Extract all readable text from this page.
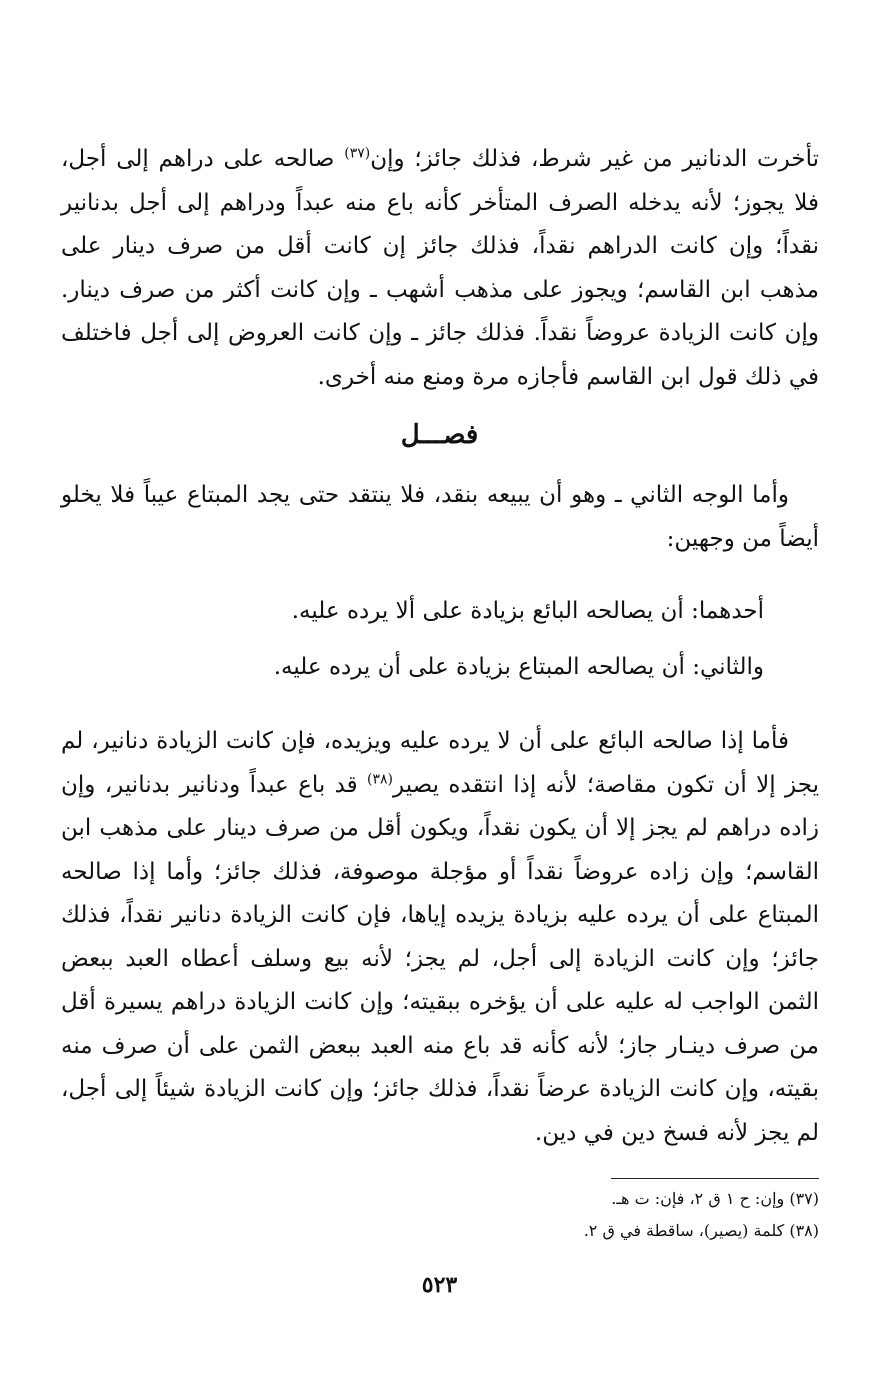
تأخرت الدنانير من غير شرط، فذلك جائز؛ وإن$^{(٣٧)}$ صالحه على دراهم إلى أجل، فلا يجوز؛ لأنه يدخله الصرف المتأخر كأنه باع منه عبداً ودراهم إلى أجل بدنانير نقداً؛ وإن كانت الدراهم نقداً، فذلك جائز إن كانت أقل من صرف دينار على مذهب ابن القاسم؛ ويجوز على مذهب أشهب ـ وإن كانت أكثر من صرف دينار. وإن كانت الزيادة عروضاً نقداً. فذلك جائز ـ وإن كانت العروض إلى أجل فاختلف في ذلك قول ابن القاسم فأجازه مرة ومنع منه أخرى.

فصـــل

وأما الوجه الثاني ـ وهو أن يبيعه بنقد، فلا ينتقد حتى يجد المبتاع عيباً فلا يخلو أيضاً من وجهين:

أحدهما: أن يصالحه البائع بزيادة على ألا يرده عليه.

والثاني: أن يصالحه المبتاع بزيادة على أن يرده عليه.

فأما إذا صالحه البائع على أن لا يرده عليه ويزيده، فإن كانت الزيادة دنانير، لم يجز إلا أن تكون مقاصة؛ لأنه إذا انتقده يصير$^{(٣٨)}$ قد باع عبداً ودنانير بدنانير، وإن زاده دراهم لم يجز إلا أن يكون نقداً، ويكون أقل من صرف دينار على مذهب ابن القاسم؛ وإن زاده عروضاً نقداً أو مؤجلة موصوفة، فذلك جائز؛ وأما إذا صالحه المبتاع على أن يرده عليه بزيادة يزيده إياها، فإن كانت الزيادة دنانير نقداً، فذلك جائز؛ وإن كانت الزيادة إلى أجل، لم يجز؛ لأنه بيع وسلف أعطاه العبد ببعض الثمن الواجب له عليه على أن يؤخره ببقيته؛ وإن كانت الزيادة دراهم يسيرة أقل من صرف دينـار جاز؛ لأنه كأنه قد باع منه العبد ببعض الثمن على أن صرف منه بقيته، وإن كانت الزيادة عرضاً نقداً، فذلك جائز؛ وإن كانت الزيادة شيئاً إلى أجل، لم يجز لأنه فسخ دين في دين.

(٣٧) وإن: ح ١ ق ٢، فإن: ت هـ.

(٣٨) كلمة (يصير)، ساقطة في ق ٢.

٥٢٣
